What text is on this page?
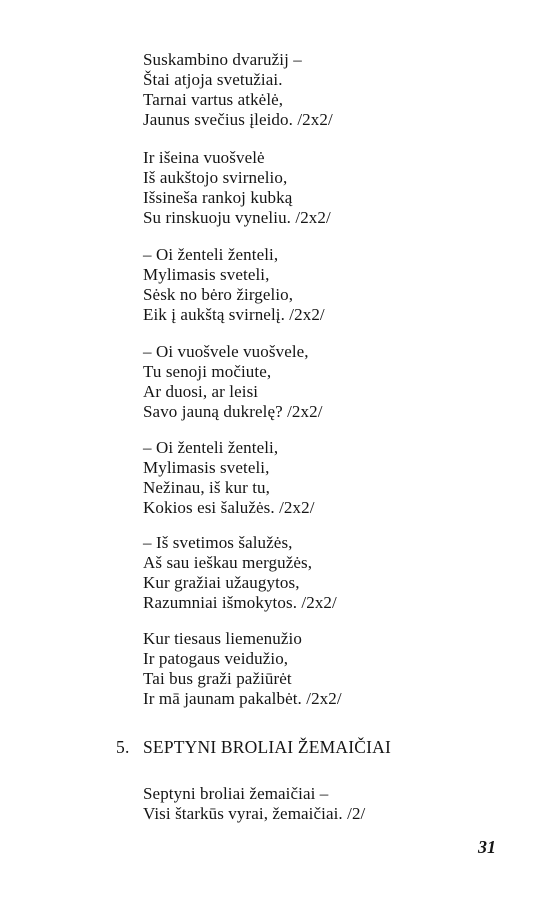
Suskambino dvaružij –
Štai atjoja svetužiai.
Tarnai vartus atkėlė,
Jaunus svečius įleido. /2x2/
Ir išeina vuošvelė
Iš aukštojo svirnelio,
Išsineša rankoj kubką
Su rinskuoju vyneliu. /2x2/
– Oi ženteli ženteli,
Mylimasis sveteli,
Sėsk no bėro žirgelio,
Eik į aukštą svirnelį. /2x2/
– Oi vuošvele vuošvele,
Tu senoji močiute,
Ar duosi, ar leisi
Savo jauną dukrelę? /2x2/
– Oi ženteli ženteli,
Mylimasis sveteli,
Nežinau, iš kur tu,
Kokios esi šalužės. /2x2/
– Iš svetimos šalužės,
Aš sau ieškau mergužės,
Kur gražiai užaugytos,
Razumniai išmokytos. /2x2/
Kur tiesaus liemenužio
Ir patogaus veidužio,
Tai bus graži pažiūrėt
Ir mā jaunam pakalbėt. /2x2/
5. SEPTYNI BROLIAI ŽEMAIČIAI
Septyni broliai žemaičiai –
Visi štarkūs vyrai, žemaičiai. /2/
31
